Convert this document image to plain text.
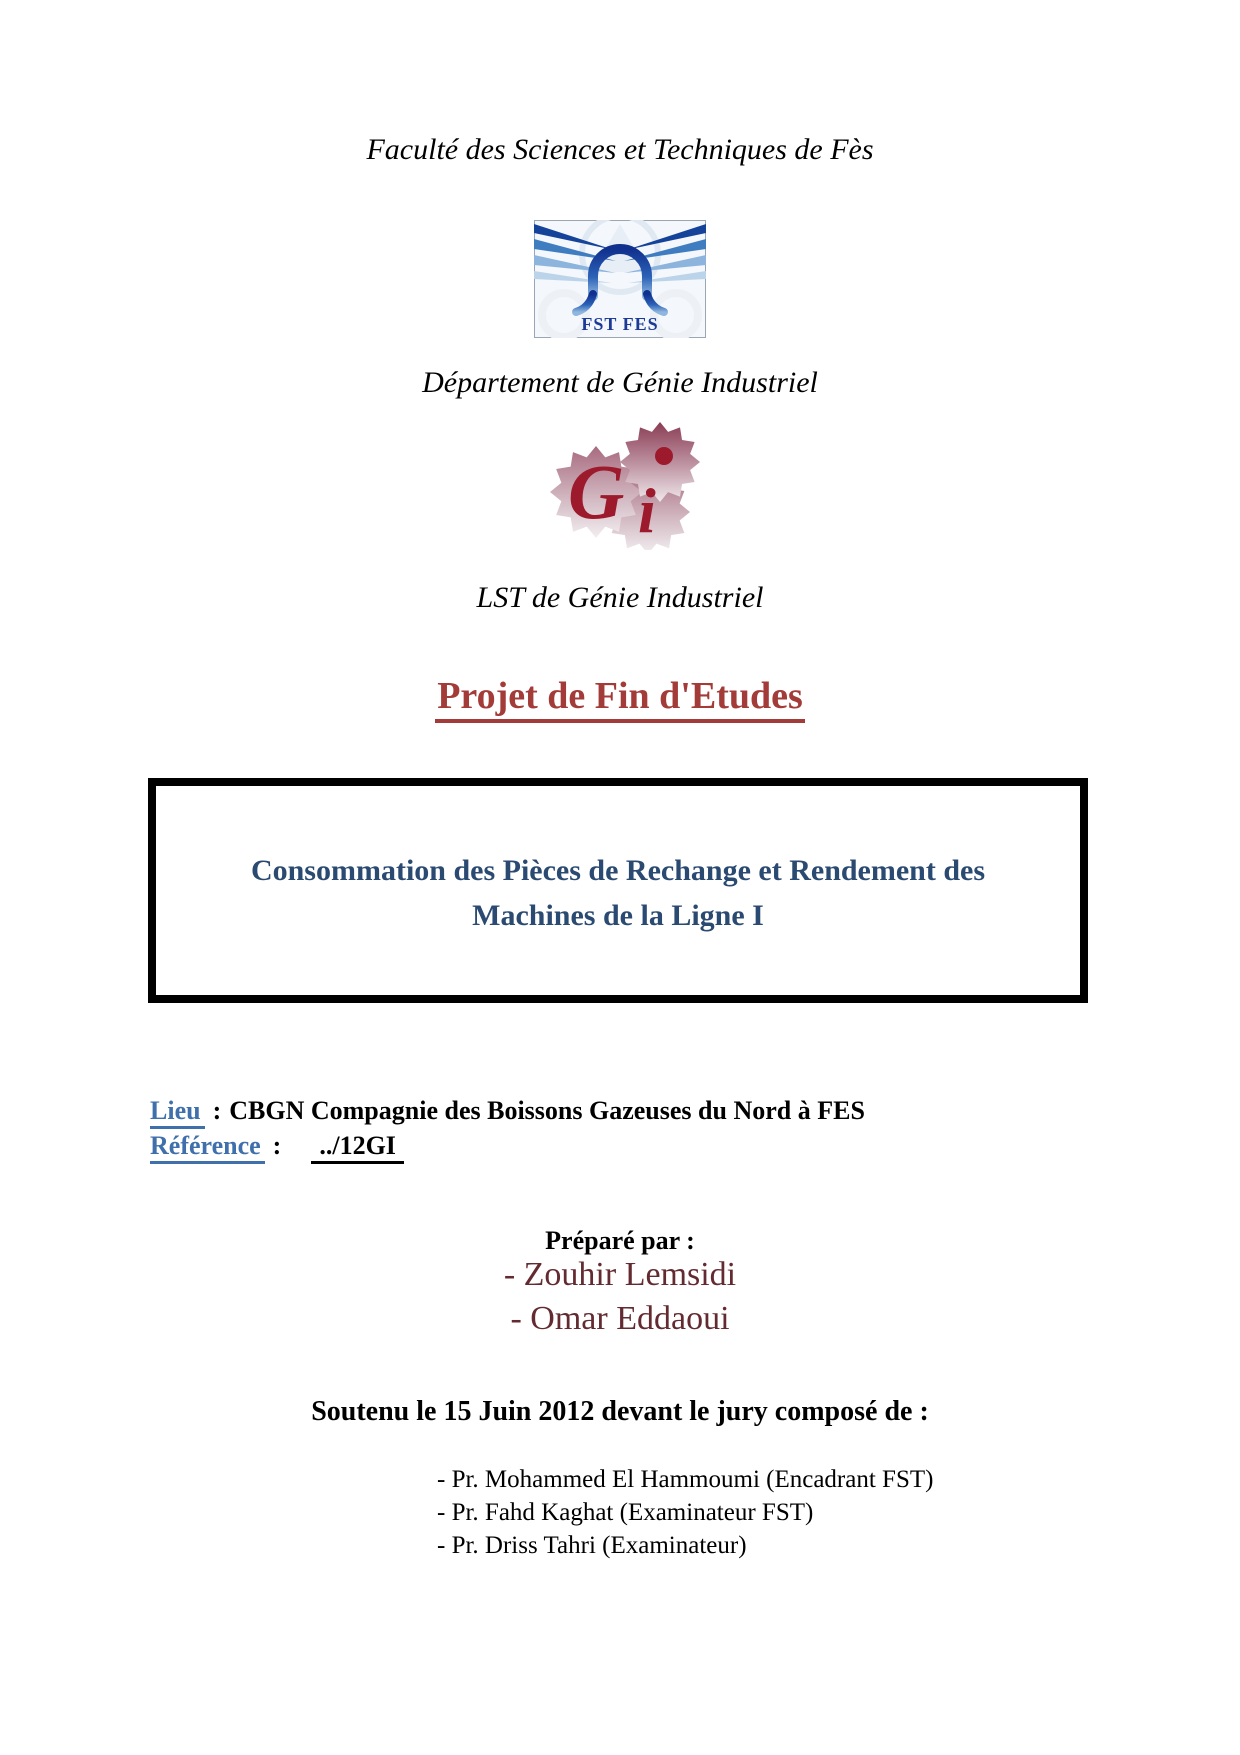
Faculté des Sciences et Techniques de Fès
FST FES
Département de Génie Industriel
G i
LST de Génie Industriel
Projet de Fin d'Etudes
Consommation des Pièces de Rechange et Rendement des
Machines de la Ligne I
Lieu : CBGN Compagnie des Boissons Gazeuses du Nord à FES
Référence : ../12GI
Préparé par :
- Zouhir Lemsidi
- Omar Eddaoui
Soutenu le 15 Juin 2012 devant le jury composé de :
- Pr. Mohammed El Hammoumi (Encadrant FST)
- Pr. Fahd Kaghat (Examinateur FST)
- Pr. Driss Tahri (Examinateur)
